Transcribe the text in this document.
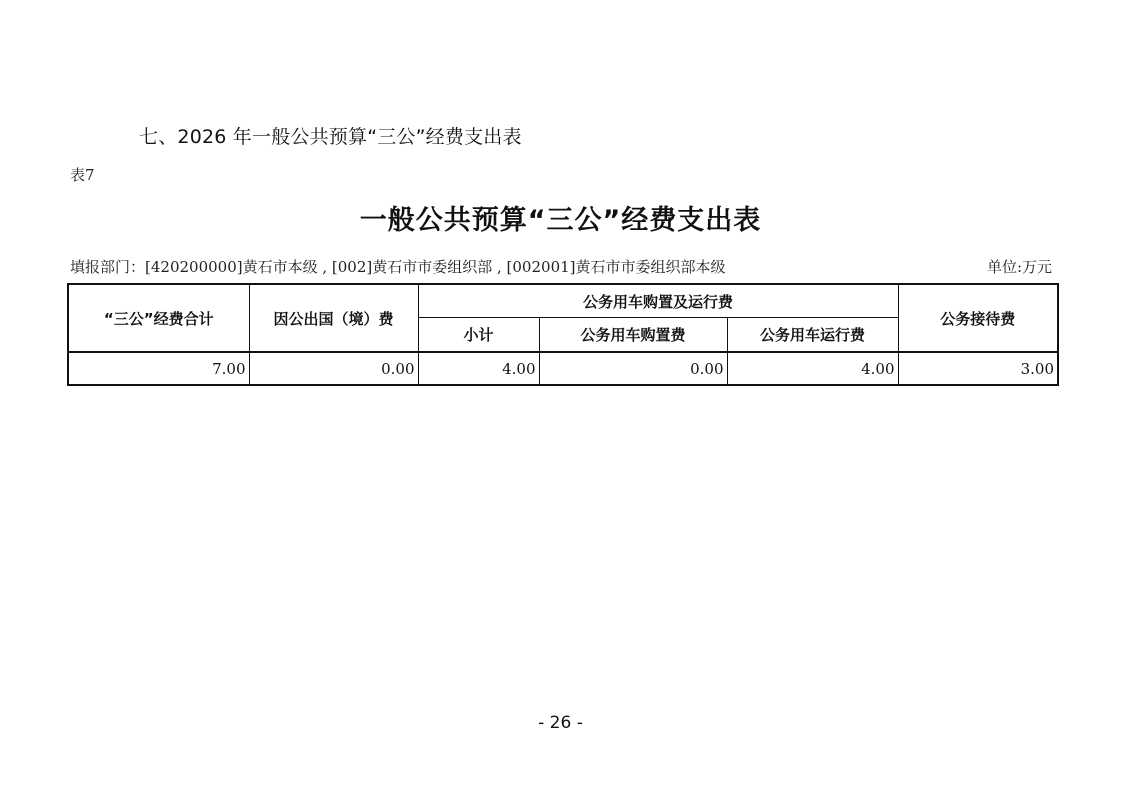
七、2026 年一般公共预算“三公”经费支出表
表7
一般公共预算“三公”经费支出表
填报部门：[420200000]黄石市本级 , [002]黄石市市委组织部 , [002001]黄石市市委组织部本级	单位:万元
“三公”经费合计	因公出国（境）费	公务用车购置及运行费			公务接待费
		小计	公务用车购置费	公务用车运行费	
7.00	0.00	4.00	0.00	4.00	3.00
- 26 -
